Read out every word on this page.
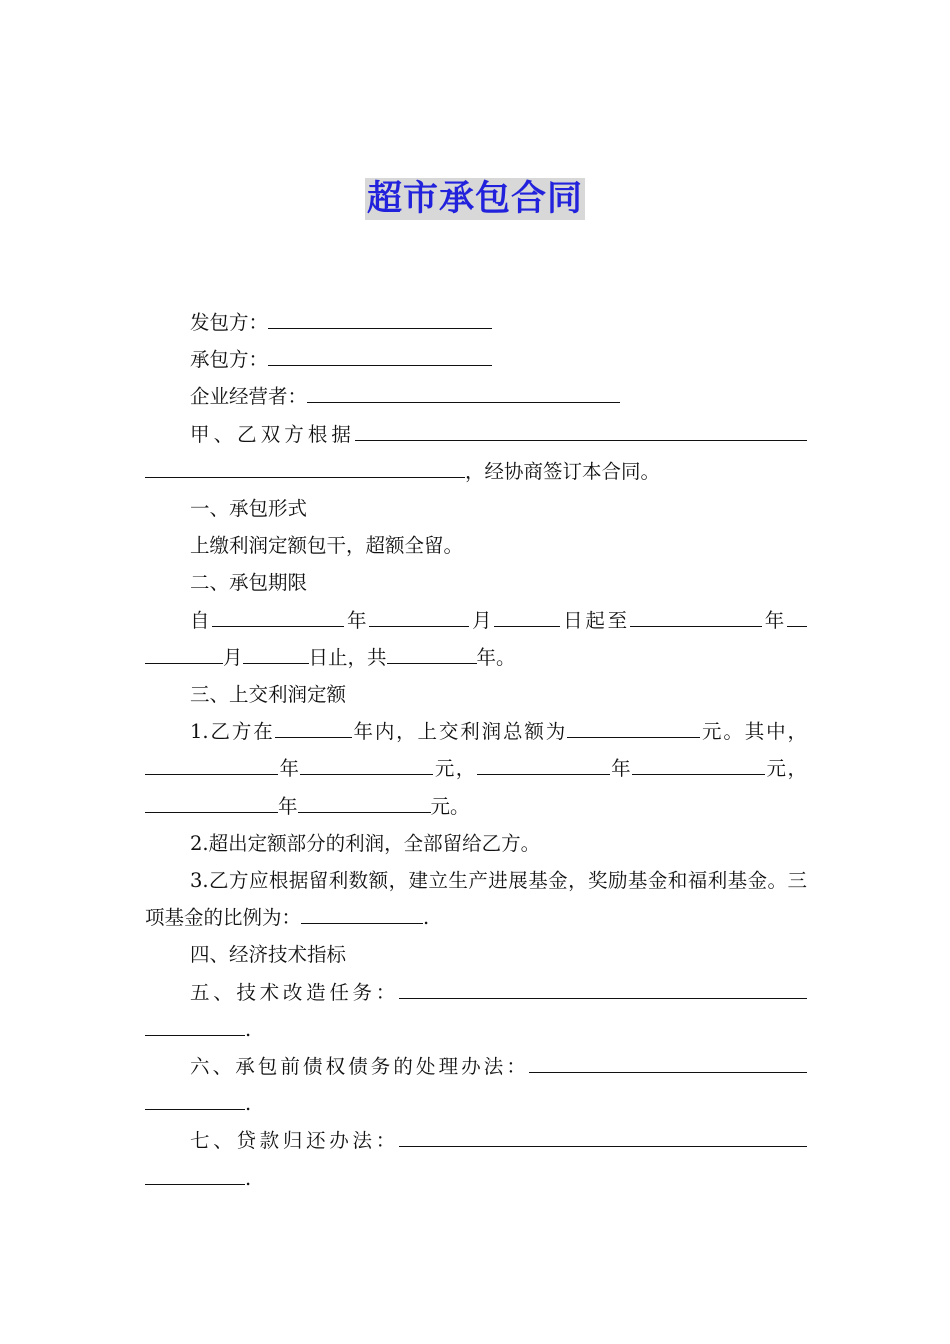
超市承包合同

发包方：

承包方：

企业经营者：

甲、乙双方根据，经协商签订本合同。

一、承包形式

上缴利润定额包干，超额全留。

二、承包期限

自	年	月	日起至	年月	日止，共	年。

三、上交利润定额

1.乙方在	年内，上交利润总额为	元。其中，年	元，	年	元，年	元。

2.超出定额部分的利润，全部留给乙方。

3.乙方应根据留利数额，建立生产进展基金，奖励基金和福利基金。三项基金的比例为：	.

四、经济技术指标

五、技术改造任务：.

六、承包前债权债务的处理办法：.

七、贷款归还办法：.
